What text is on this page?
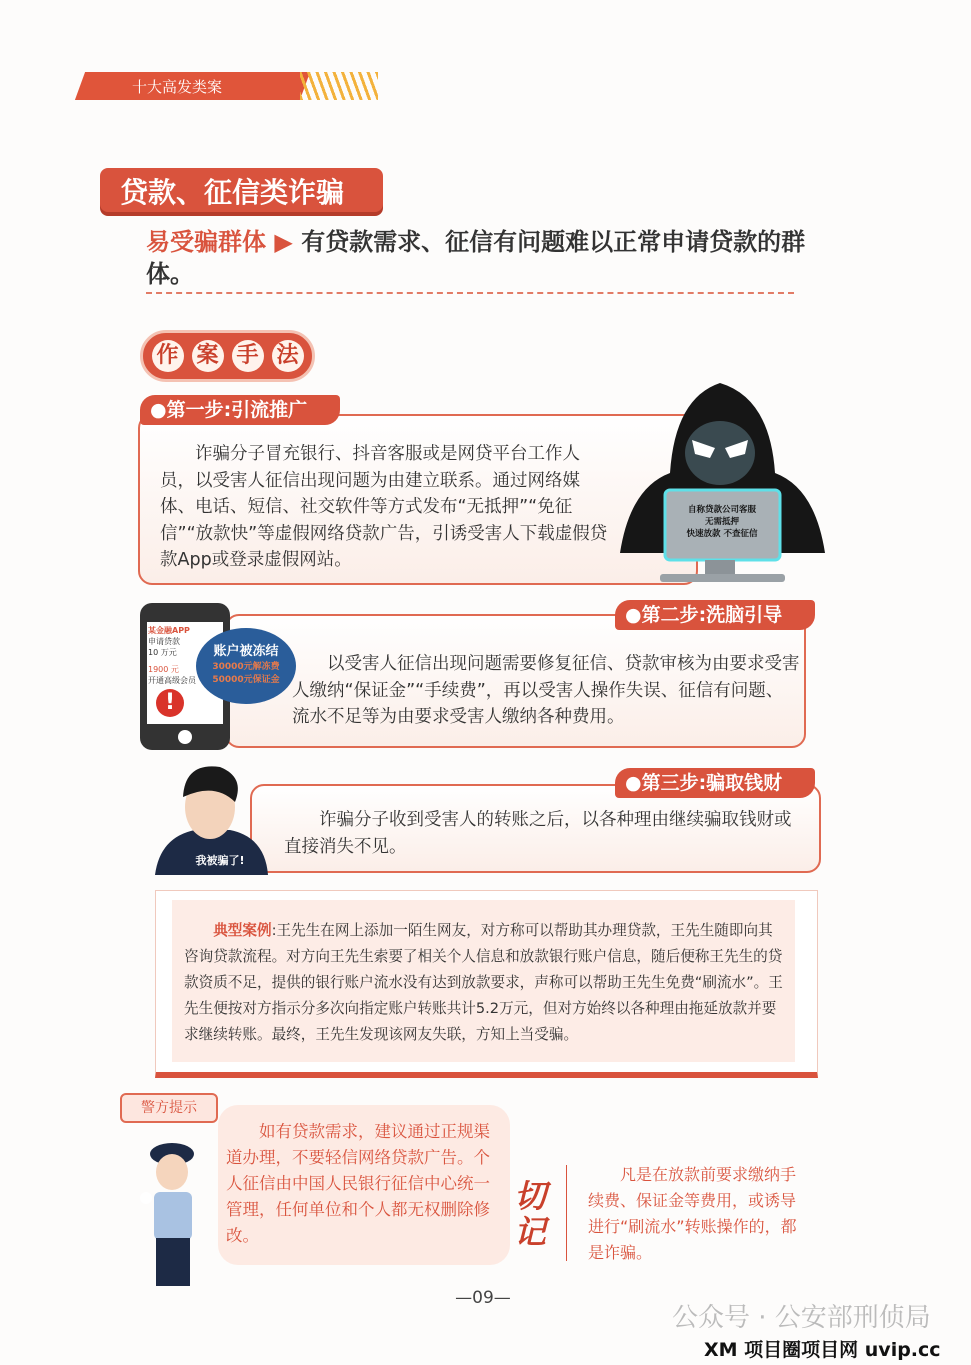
十大高发类案
贷款、征信类诈骗
易受骗群体 ▶ 有贷款需求、征信有问题难以正常申请贷款的群体。
作 案 手 法
●第一步:引流推广
诈骗分子冒充银行、抖音客服或是网贷平台工作人员，以受害人征信出现问题为由建立联系。通过网络媒体、电话、短信、社交软件等方式发布“无抵押”“免征信”“放款快”等虚假网络贷款广告，引诱受害人下载虚假贷款App或登录虚假网站。
自称贷款公司客服
无需抵押
快速放款 不查征信
●第二步:洗脑引导
以受害人征信出现问题需要修复征信、贷款审核为由要求受害人缴纳“保证金”“手续费”，再以受害人操作失误、征信有问题、流水不足等为由要求受害人缴纳各种费用。
某金融APP
申请贷款
10 万元
1900 元
开通高级会员
!
账户被冻结
30000元解冻费
50000元保证金
●第三步:骗取钱财
诈骗分子收到受害人的转账之后，以各种理由继续骗取钱财或直接消失不见。
我被骗了!
典型案例:王先生在网上添加一陌生网友，对方称可以帮助其办理贷款，王先生随即向其咨询贷款流程。对方向王先生索要了相关个人信息和放款银行账户信息，随后便称王先生的贷款资质不足，提供的银行账户流水没有达到放款要求，声称可以帮助王先生免费“刷流水”。王先生便按对方指示分多次向指定账户转账共计5.2万元，但对方始终以各种理由拖延放款并要求继续转账。最终，王先生发现该网友失联，方知上当受骗。
警方提示
如有贷款需求，建议通过正规渠道办理，不要轻信网络贷款广告。个人征信由中国人民银行征信中心统一管理，任何单位和个人都无权删除修改。
切记
凡是在放款前要求缴纳手续费、保证金等费用，或诱导进行“刷流水”转账操作的，都是诈骗。
—09—
公众号 · 公安部刑侦局
XM 项目圈项目网 uvip.cc
